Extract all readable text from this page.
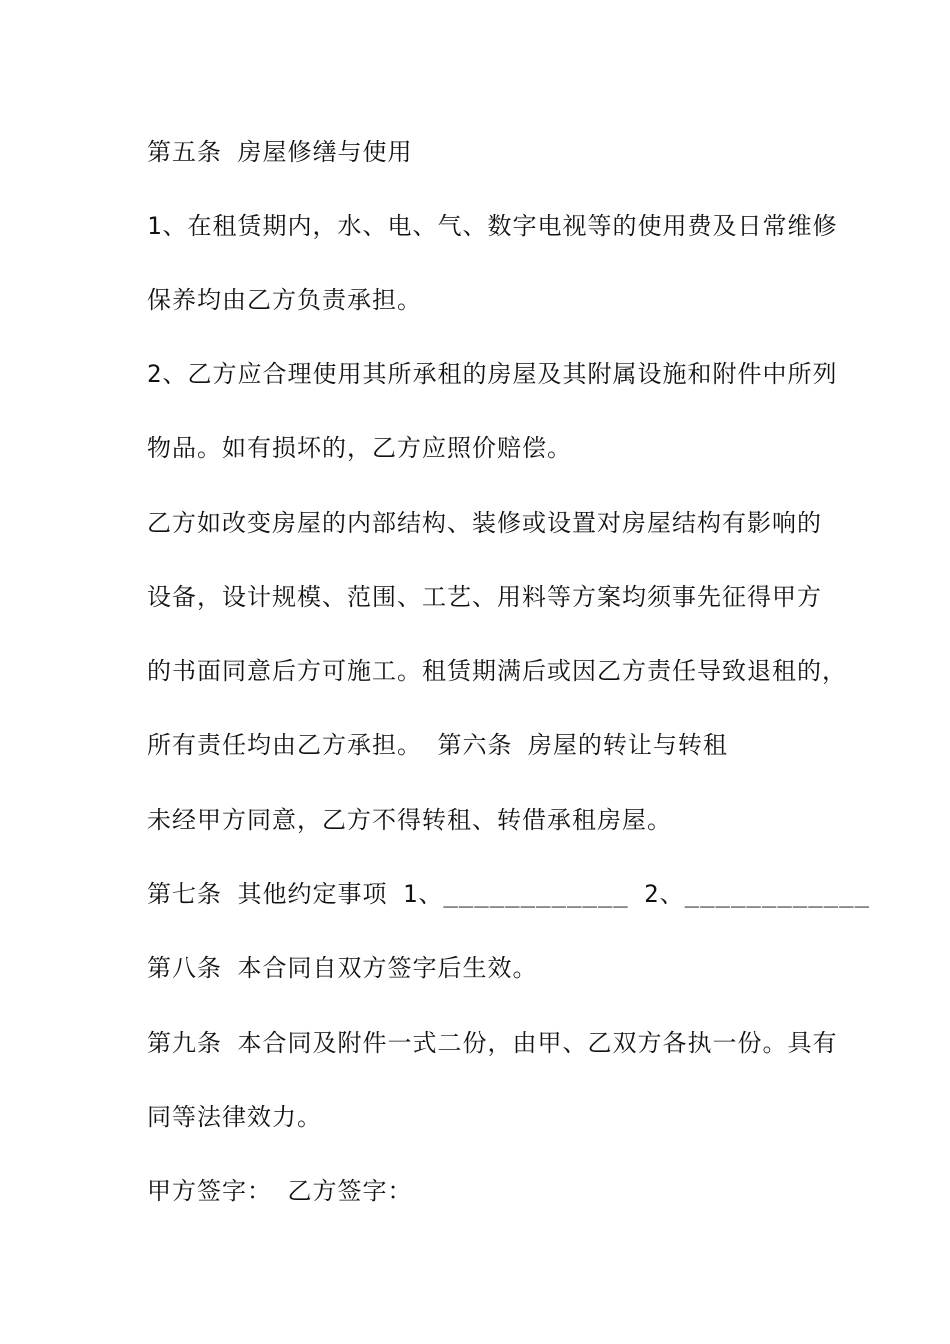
第五条 房屋修缮与使用

1、在租赁期内，水、电、气、数字电视等的使用费及日常维修

保养均由乙方负责承担。

2、乙方应合理使用其所承租的房屋及其附属设施和附件中所列

物品。如有损坏的，乙方应照价赔偿。

乙方如改变房屋的内部结构、装修或设置对房屋结构有影响的

设备，设计规模、范围、工艺、用料等方案均须事先征得甲方

的书面同意后方可施工。租赁期满后或因乙方责任导致退租的，

所有责任均由乙方承担。 第六条 房屋的转让与转租

未经甲方同意，乙方不得转租、转借承租房屋。

第七条 其他约定事项 1、____________ 2、____________

第八条 本合同自双方签字后生效。

第九条 本合同及附件一式二份，由甲、乙双方各执一份。具有

同等法律效力。

甲方签字： 乙方签字：
